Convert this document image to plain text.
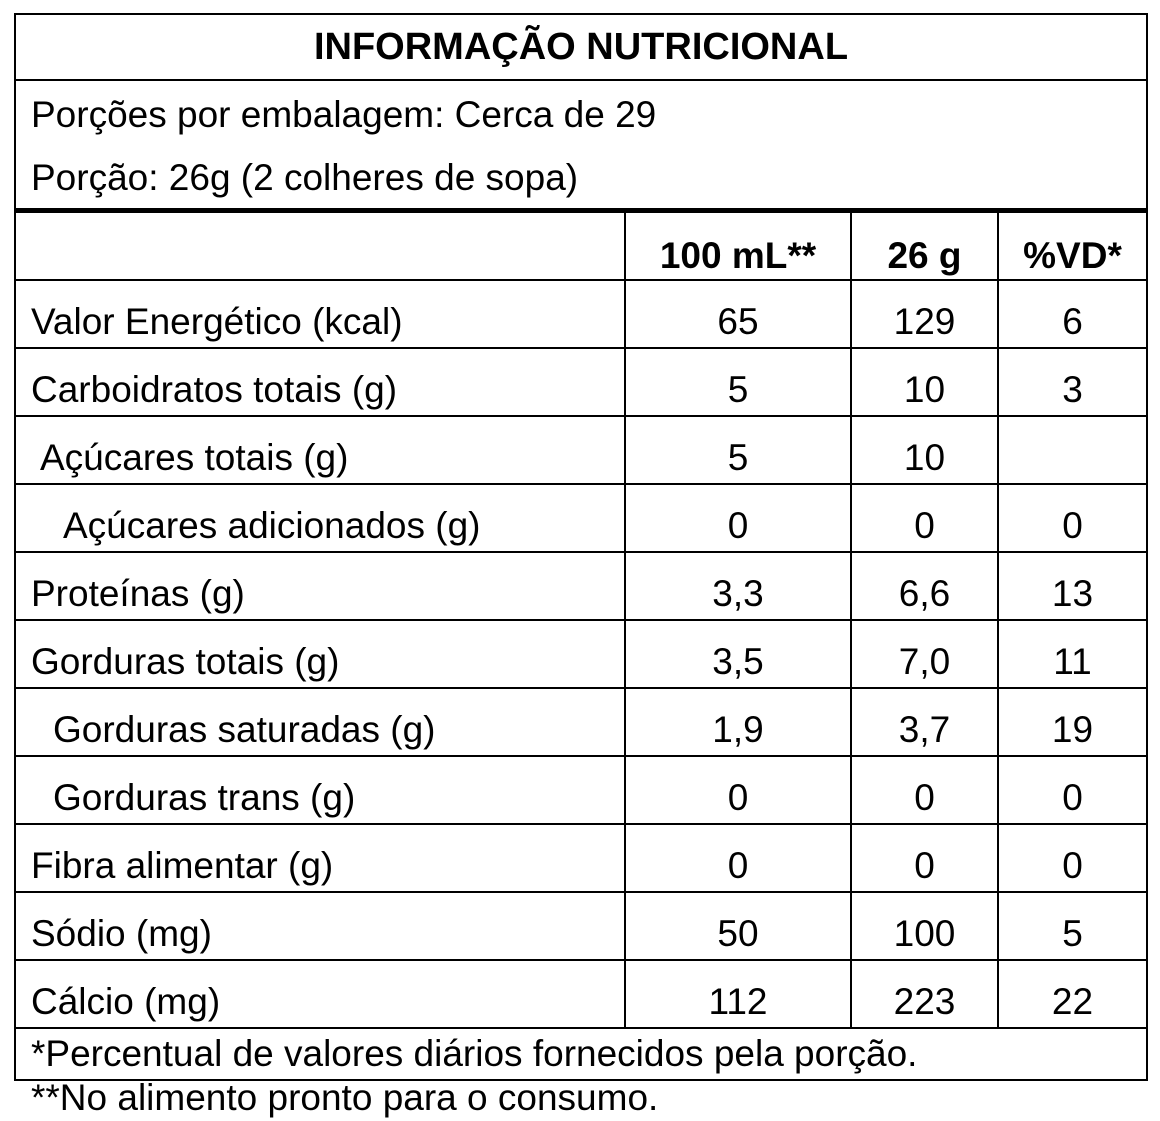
INFORMAÇÃO NUTRICIONAL
Porções por embalagem: Cerca de 29
Porção: 26g (2 colheres de sopa)
	100 mL**	26 g	%VD*
Valor Energético (kcal)	65	129	6
Carboidratos totais (g)	5	10	3
Açúcares totais (g)	5	10	
Açúcares adicionados (g)	0	0	0
Proteínas (g)	3,3	6,6	13
Gorduras totais (g)	3,5	7,0	11
Gorduras saturadas (g)	1,9	3,7	19
Gorduras trans (g)	0	0	0
Fibra alimentar (g)	0	0	0
Sódio (mg)	50	100	5
Cálcio (mg)	112	223	22
*Percentual de valores diários fornecidos pela porção.
**No alimento pronto para o consumo.
